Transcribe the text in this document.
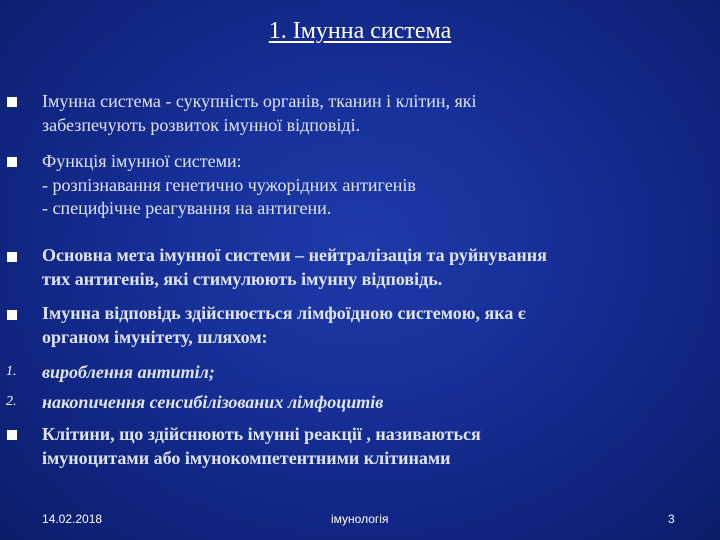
1. Імунна система
Імунна система - сукупність органів, тканин і клітин, які
забезпечують розвиток імунної відповіді.
Функція імунної системи:
- розпізнавання генетично чужорідних антигенів
- специфічне реагування на антигени.
Основна мета імунної системи – нейтралізація та руйнування
тих антигенів, які стимулюють імунну відповідь.
Імунна відповідь здійснюється лімфоїдною системою, яка є
органом імунітету, шляхом:
1. вироблення антитіл;
2. накопичення сенсибілізованих лімфоцитів
Клітини, що здійснюють імунні реакції , називаються
імуноцитами або імунокомпетентними клітинами
14.02.2018	імунологія	3
